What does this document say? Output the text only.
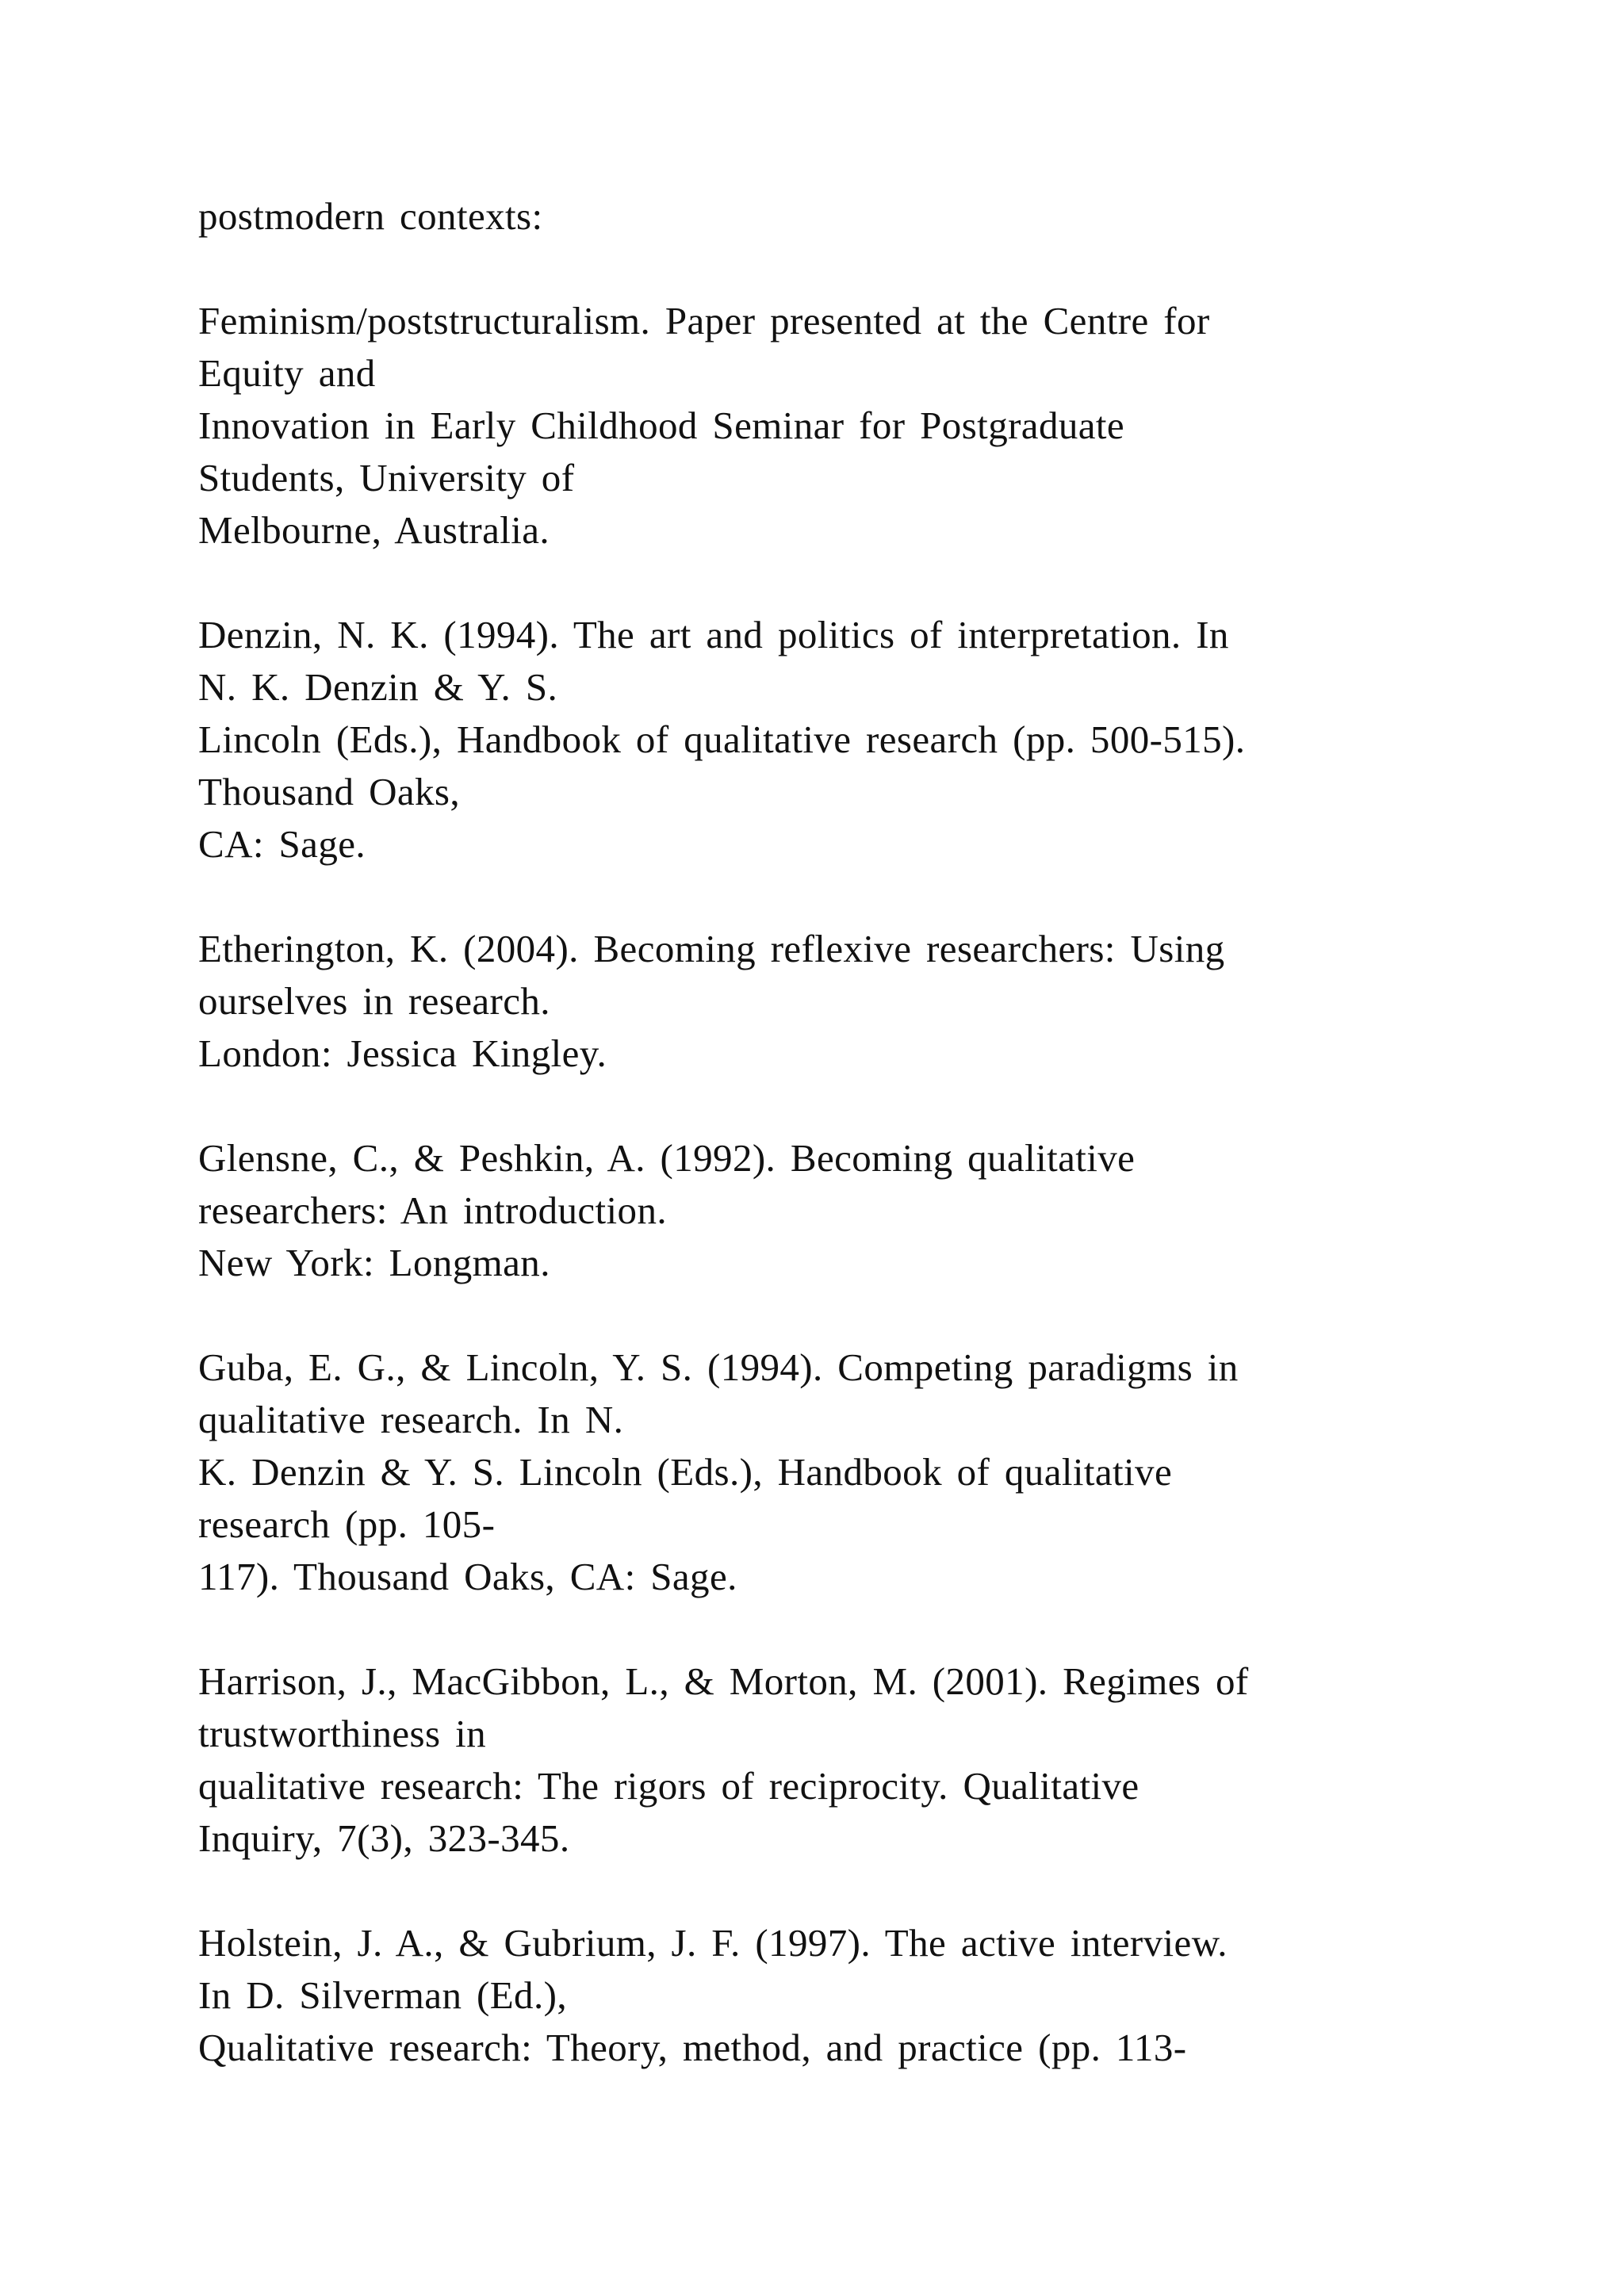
postmodern contexts:
Feminism/poststructuralism. Paper presented at the Centre for
Equity and
Innovation in Early Childhood Seminar for Postgraduate
Students, University of
Melbourne, Australia.
Denzin, N. K. (1994). The art and politics of interpretation. In
N. K. Denzin & Y. S.
Lincoln (Eds.), Handbook of qualitative research (pp. 500-515).
Thousand Oaks,
CA: Sage.
Etherington, K. (2004). Becoming reflexive researchers: Using
ourselves in research.
London: Jessica Kingley.
Glensne, C., & Peshkin, A. (1992). Becoming qualitative
researchers: An introduction.
New York: Longman.
Guba, E. G., & Lincoln, Y. S. (1994). Competing paradigms in
qualitative research. In N.
K. Denzin & Y. S. Lincoln (Eds.), Handbook of qualitative
research (pp. 105-
117). Thousand Oaks, CA: Sage.
Harrison, J., MacGibbon, L., & Morton, M. (2001). Regimes of
trustworthiness in
qualitative research: The rigors of reciprocity. Qualitative
Inquiry, 7(3), 323-345.
Holstein, J. A., & Gubrium, J. F. (1997). The active interview.
In D. Silverman (Ed.),
Qualitative research: Theory, method, and practice (pp. 113-
